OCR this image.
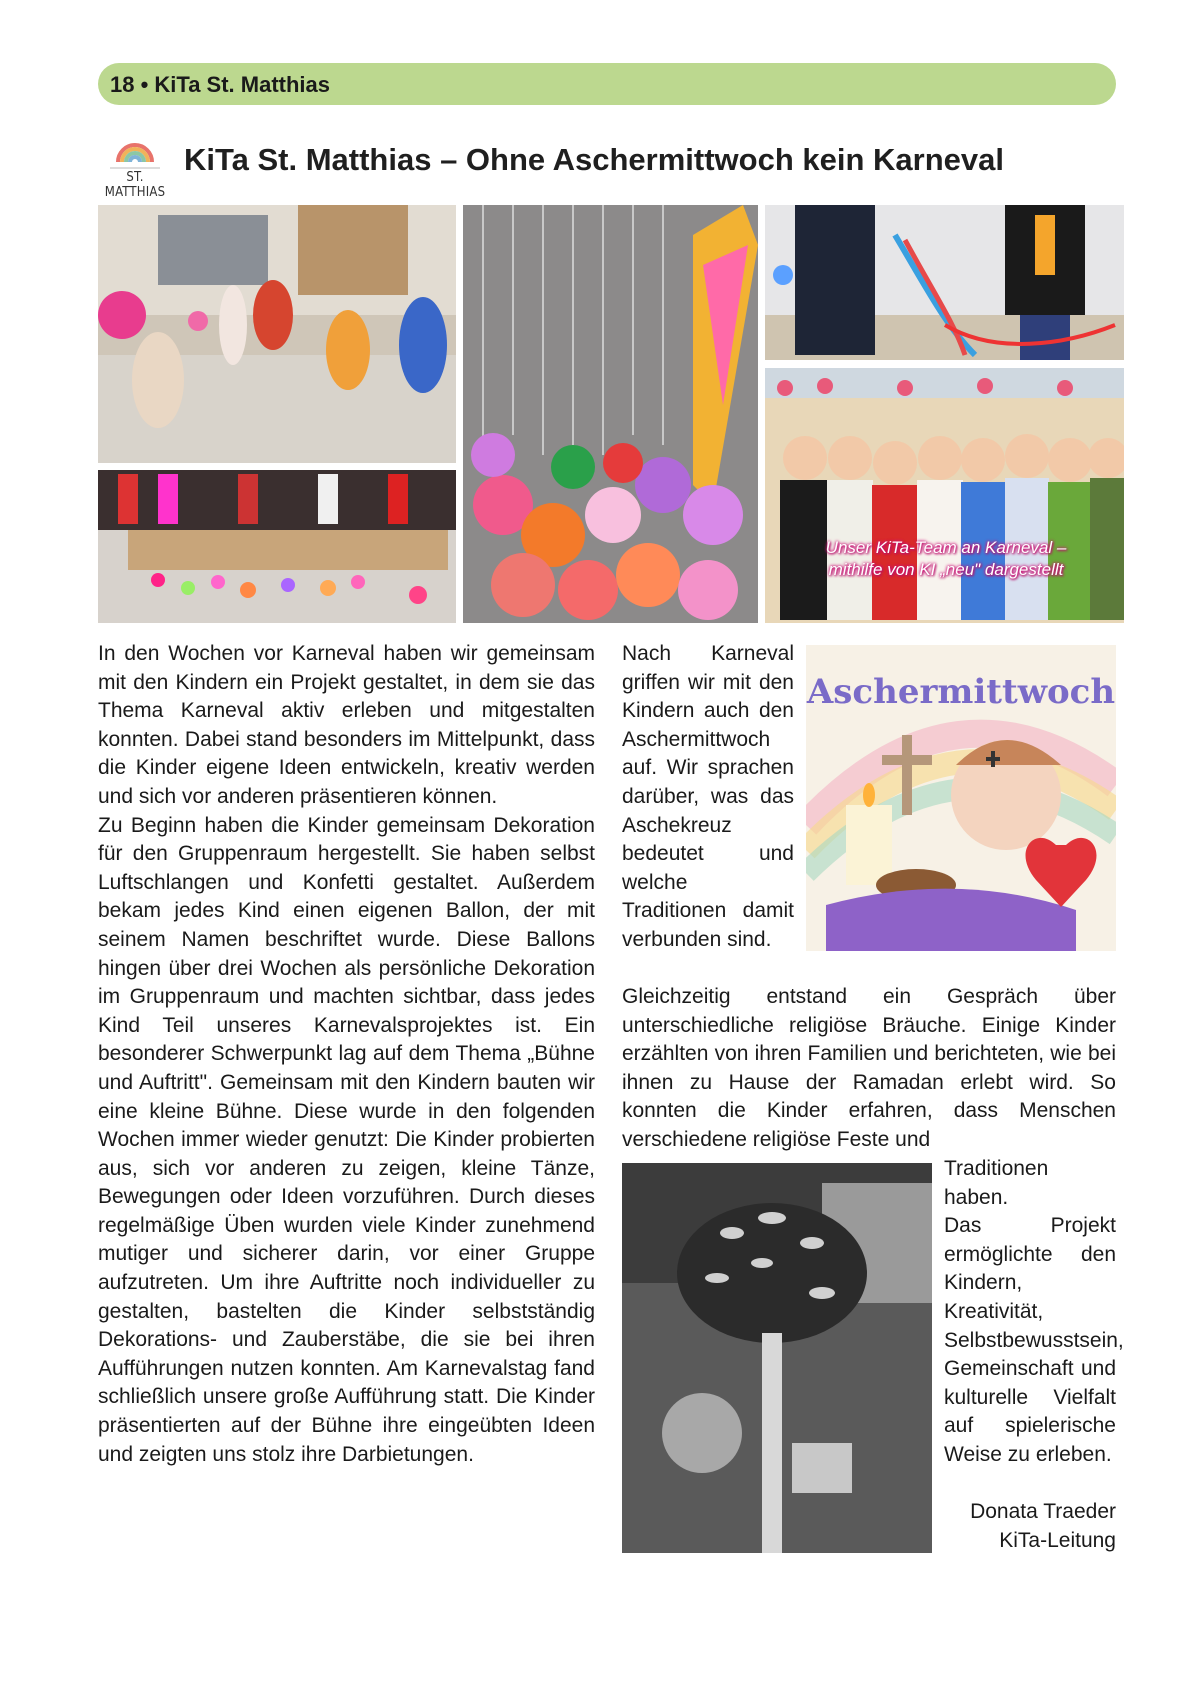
18 • KiTa St. Matthias
ST. MATTHIAS
KiTa St. Matthias – Ohne Aschermittwoch kein Karneval
Unser KiTa-Team an Karneval –
mithilfe von KI „neu" dargestellt
Aschermittwoch

In den Wochen vor Karneval haben wir gemeinsam mit den Kindern ein Projekt gestaltet, in dem sie das Thema Karneval aktiv erleben und mitgestalten konnten. Dabei stand besonders im Mittelpunkt, dass die Kinder eigene Ideen entwickeln, kreativ werden und sich vor anderen präsentieren können.

Zu Beginn haben die Kinder gemeinsam Dekoration für den Gruppenraum hergestellt. Sie haben selbst Luftschlangen und Konfetti gestaltet. Außerdem bekam jedes Kind einen eigenen Ballon, der mit seinem Namen beschriftet wurde. Diese Ballons hingen über drei Wochen als persönliche Dekoration im Gruppenraum und machten sichtbar, dass jedes Kind Teil unseres Karnevalsprojektes ist. Ein besonderer Schwerpunkt lag auf dem Thema „Bühne und Auftritt". Gemeinsam mit den Kindern bauten wir eine kleine Bühne. Diese wurde in den folgenden Wochen immer wieder genutzt: Die Kinder probierten aus, sich vor anderen zu zeigen, kleine Tänze, Bewegungen oder Ideen vorzuführen. Durch dieses regelmäßige Üben wurden viele Kinder zunehmend mutiger und sicherer darin, vor einer Gruppe aufzutreten. Um ihre Auftritte noch individueller zu gestalten, bastelten die Kinder selbstständig Dekorations- und Zauberstäbe, die sie bei ihren Aufführungen nutzen konnten. Am Karnevalstag fand schließlich unsere große Aufführung statt. Die Kinder präsentierten auf der Bühne ihre eingeübten Ideen und zeigten uns stolz ihre Darbietungen.

Nach Karneval griffen wir mit den Kindern auch den Aschermittwoch auf. Wir sprachen darüber, was das Aschekreuz bedeutet und welche Traditionen damit verbunden sind.

Gleichzeitig entstand ein Gespräch über unterschiedliche religiöse Bräuche. Einige Kinder erzählten von ihren Familien und berichteten, wie bei ihnen zu Hause der Ramadan erlebt wird. So konnten die Kinder erfahren, dass Menschen verschiedene religiöse Feste und

Traditionen haben.

Das Projekt ermöglichte den Kindern, Kreativität, Selbstbewusstsein, Gemeinschaft und kulturelle Vielfalt auf spielerische Weise zu erleben.

Donata Traeder
KiTa-Leitung
